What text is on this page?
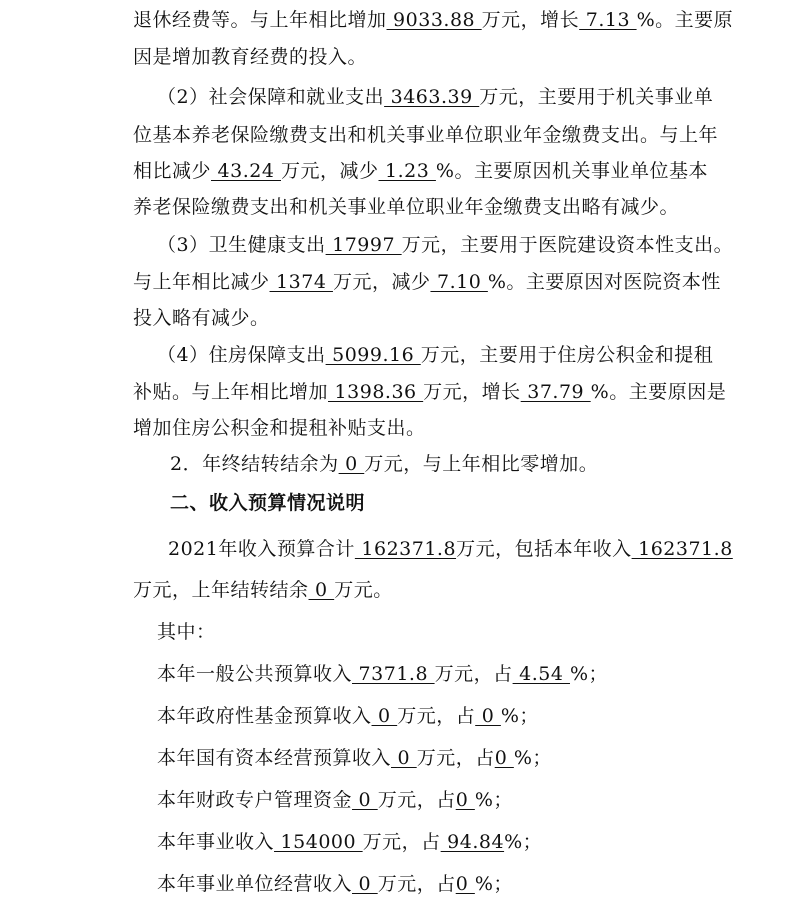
退休经费等。与上年相比增加 9033.88 万元，增长 7.13 %。主要原
因是增加教育经费的投入。
（2）社会保障和就业支出 3463.39 万元，主要用于机关事业单
位基本养老保险缴费支出和机关事业单位职业年金缴费支出。与上年
相比减少 43.24 万元，减少 1.23 %。主要原因机关事业单位基本
养老保险缴费支出和机关事业单位职业年金缴费支出略有减少。
（3）卫生健康支出 17997 万元，主要用于医院建设资本性支出。
与上年相比减少 1374 万元，减少 7.10 %。主要原因对医院资本性
投入略有减少。
（4）住房保障支出 5099.16 万元，主要用于住房公积金和提租
补贴。与上年相比增加 1398.36 万元，增长 37.79 %。主要原因是
增加住房公积金和提租补贴支出。
2．年终结转结余为 0 万元，与上年相比零增加。
二、收入预算情况说明
2021年收入预算合计 162371.8万元，包括本年收入 162371.8
万元，上年结转结余 0 万元。
其中：
本年一般公共预算收入 7371.8 万元，占 4.54 %；
本年政府性基金预算收入 0 万元，占 0 %；
本年国有资本经营预算收入 0 万元，占0 %；
本年财政专户管理资金 0 万元，占0 %；
本年事业收入 154000 万元，占 94.84%；
本年事业单位经营收入 0 万元，占0 %；
